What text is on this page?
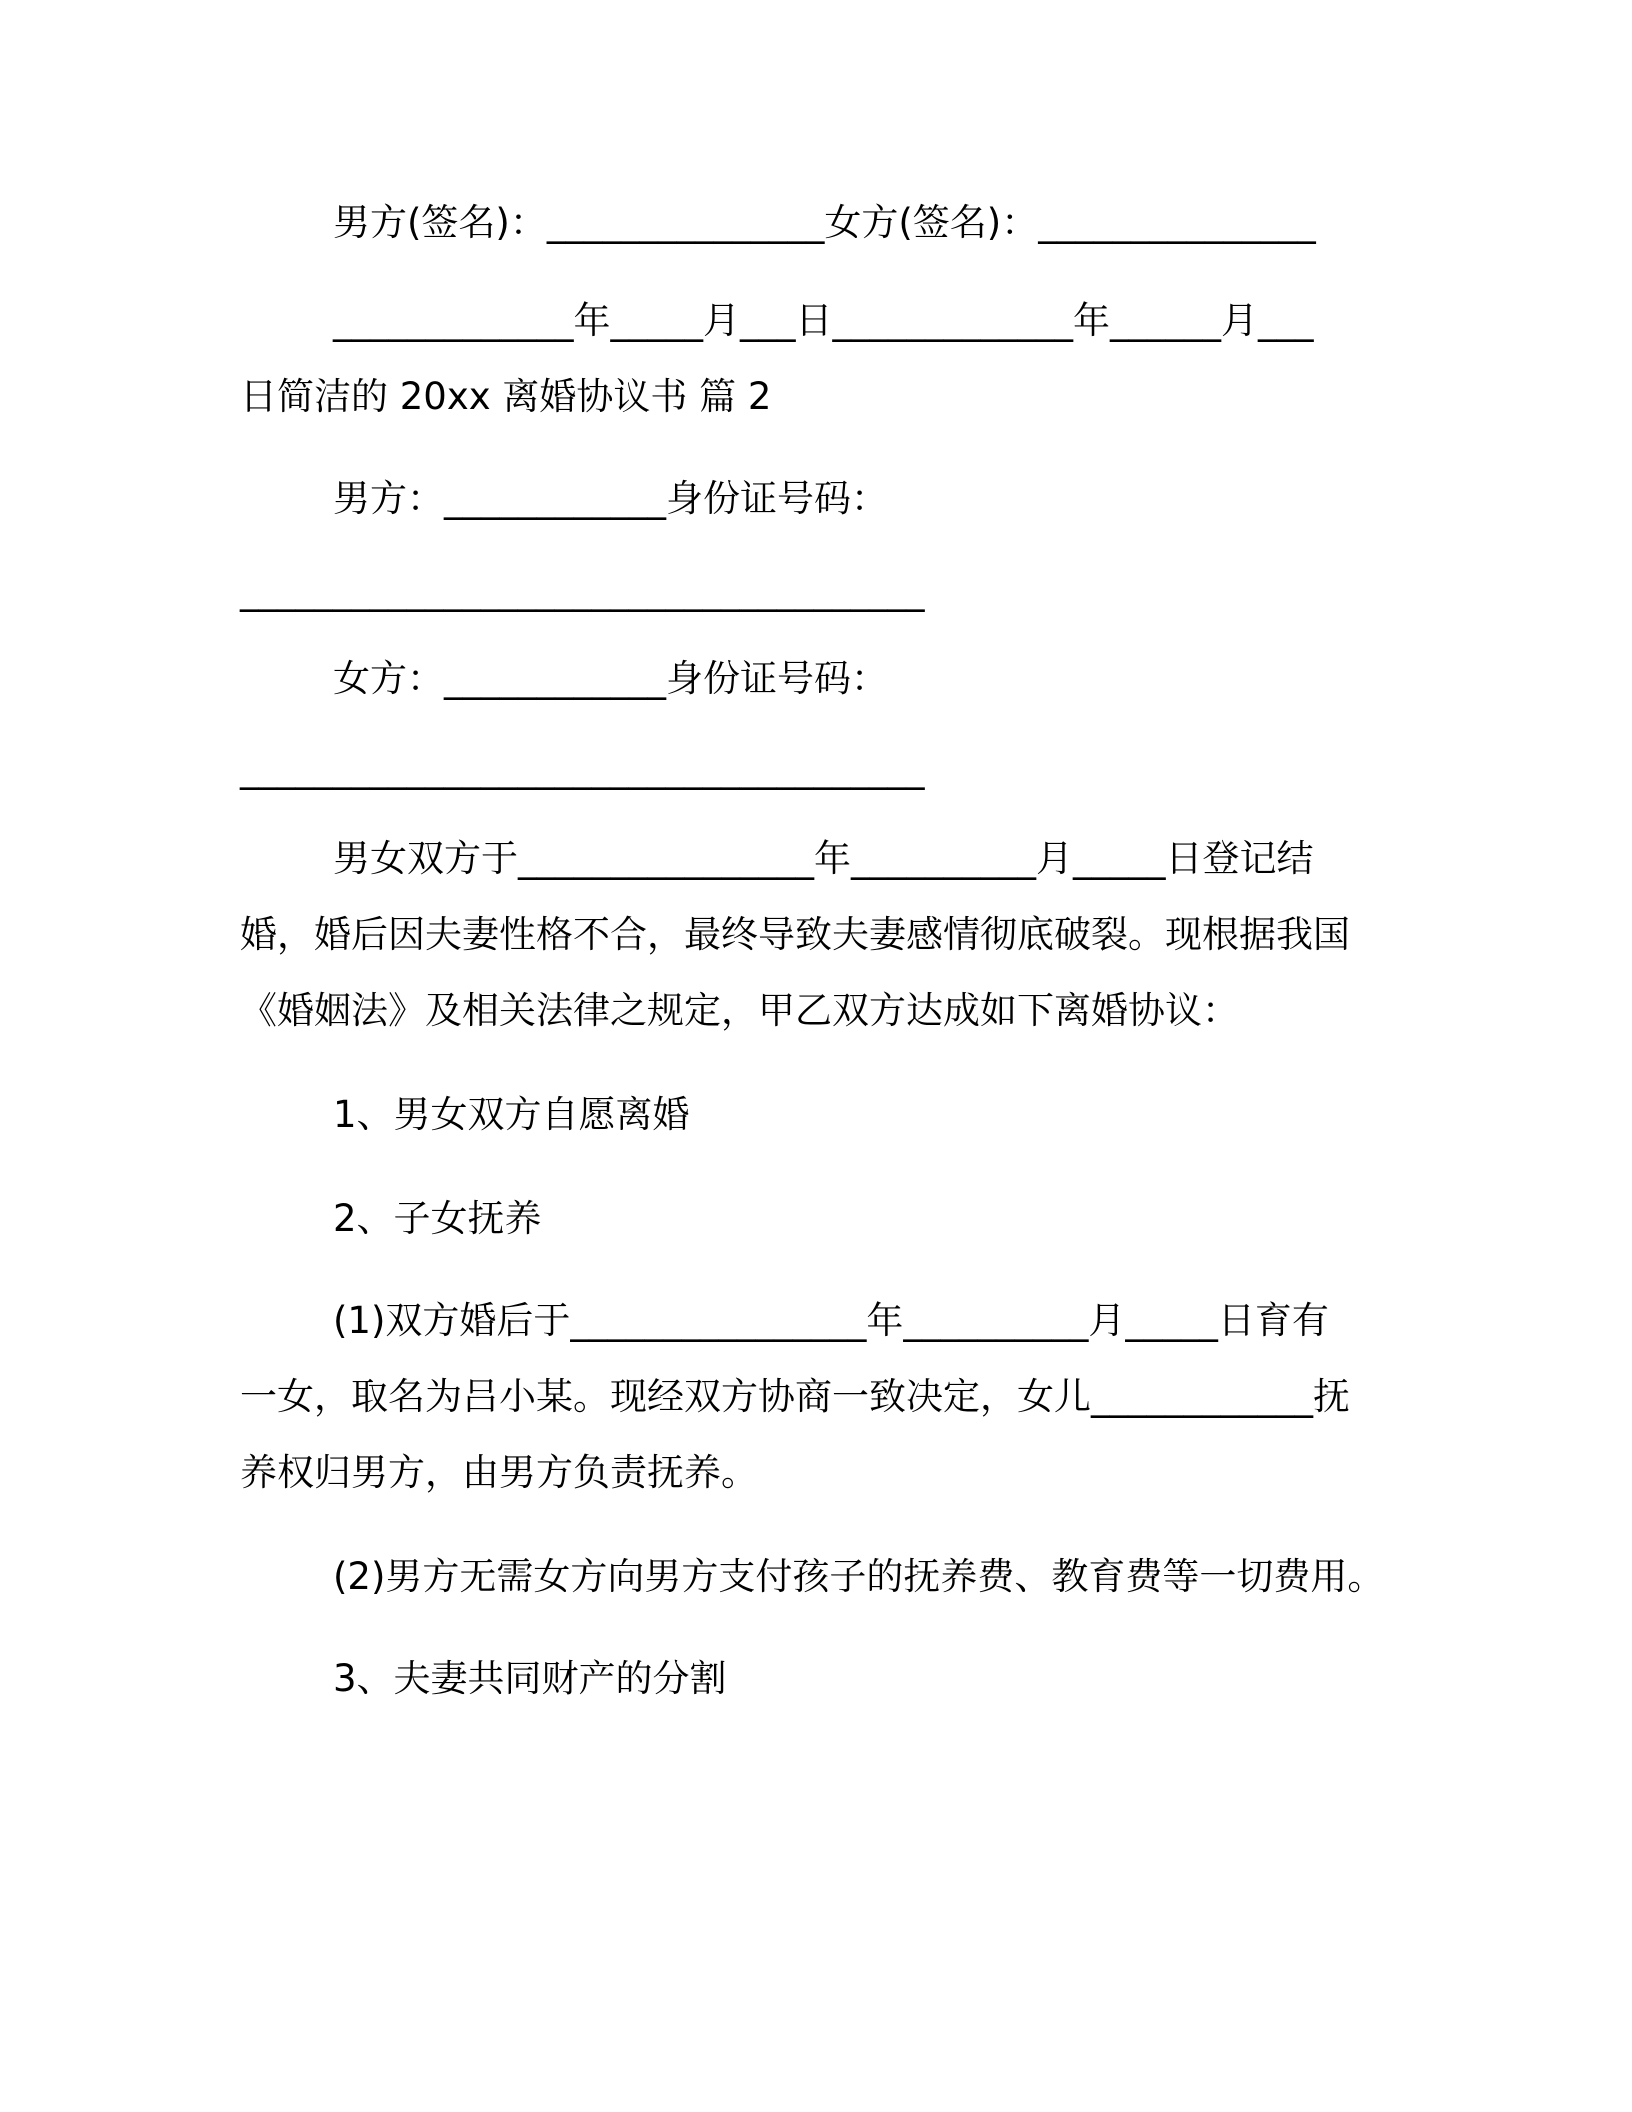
男方(签名)：_______________女方(签名)：_______________
_____________年_____月___日_____________年______月___
日简洁的 20xx 离婚协议书 篇 2
男方：____________身份证号码：
_____________________________________
女方：____________身份证号码：
_____________________________________
男女双方于________________年__________月_____日登记结
婚，婚后因夫妻性格不合，最终导致夫妻感情彻底破裂。现根据我国
《婚姻法》及相关法律之规定，甲乙双方达成如下离婚协议：
1、男女双方自愿离婚
2、子女抚养
(1)双方婚后于________________年__________月_____日育有
一女，取名为吕小某。现经双方协商一致决定，女儿____________抚
养权归男方，由男方负责抚养。
(2)男方无需女方向男方支付孩子的抚养费、教育费等一切费用。
3、夫妻共同财产的分割
